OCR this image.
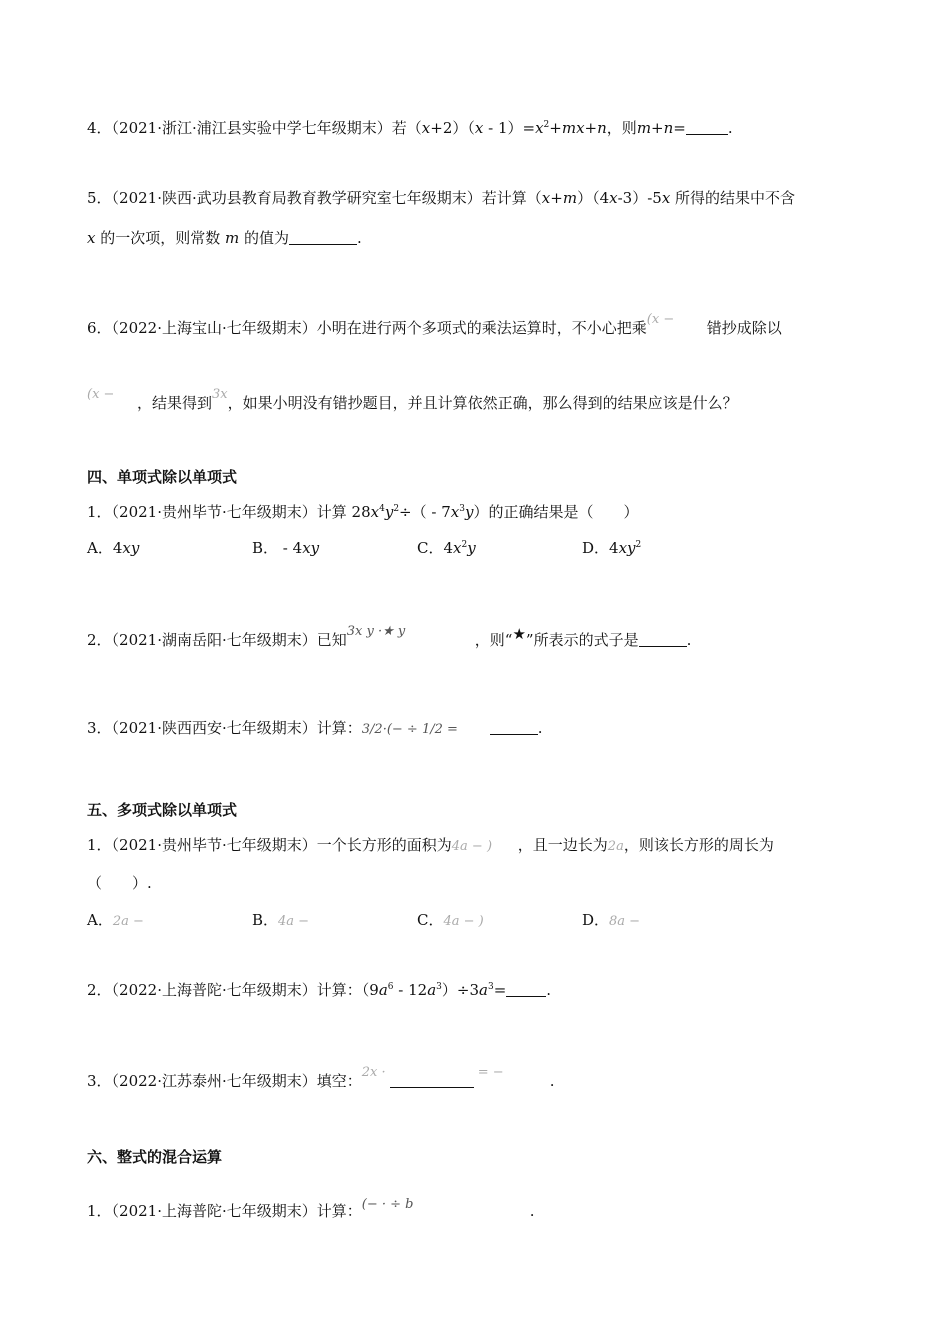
4．（2021·浙江·浦江县实验中学七年级期末）若$(x+2)(x - 1)=x^2+mx+n$，则m+n=	.
5．（2021·陕西·武功县教育局教育教学研究室七年级期末）若计算（x+m）（4x-3）-5x 所得的结果中不含
x 的一次项，则常数 m 的值为	.
6．（2022·上海宝山·七年级期末）小明在进行两个多项式的乘法运算时，不小心把乘(x − 错抄成除以
(x − ，结果得到3x，如果小明没有错抄题目，并且计算依然正确，那么得到的结果应该是什么？
四、单项式除以单项式
1．（2021·贵州毕节·七年级期末）计算 $28x^4y^2\div( - 7x^3y)$的正确结果是（　　）
A．4xy	B． - 4xy	C．$4x^2y$	D．$4xy^2$
2．（2021·湖南岳阳·七年级期末）已知3x y ·★ y	，则“★”所表示的式子是	.
3．（2021·陕西西安·七年级期末）计算：3/2·(− ÷ 1/2 =	.
五、多项式除以单项式
1．（2021·贵州毕节·七年级期末）一个长方形的面积为4a − ) ，且一边长为2a，则该长方形的周长为
（　　）.
A．2a −	B．4a −	C．4a − )	D．8a −
2．（2022·上海普陀·七年级期末）计算：$(9a^6 - 12a^3)\div 3a^3=$	.
3．（2022·江苏泰州·七年级期末）填空：2x ·	= −	.
六、整式的混合运算
1．（2021·上海普陀·七年级期末）计算：(− · ÷ b	.
